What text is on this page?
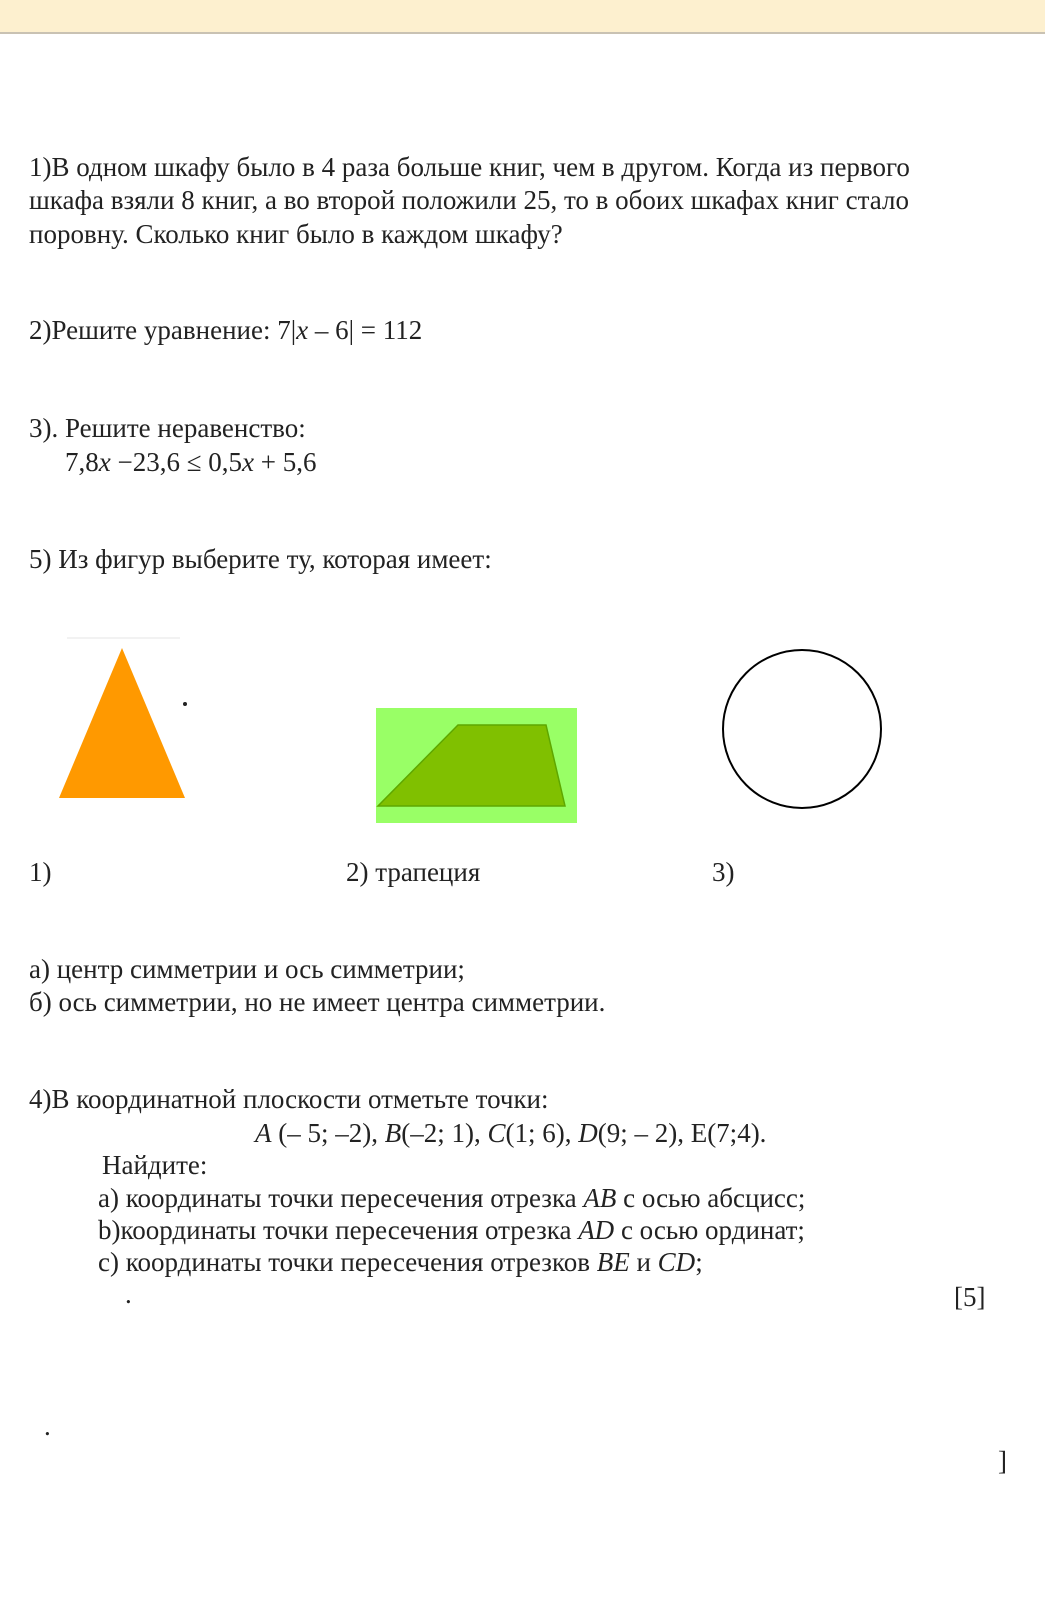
1)В одном шкафу было в 4 раза больше книг, чем в другом. Когда из первого
шкафа взяли 8 книг, а во второй положили 25, то в обоих шкафах книг стало
поровну. Сколько книг было в каждом шкафу?
2)Решите уравнение: 7|x – 6| = 112
3). Решите неравенство:
7,8x −23,6 ≤ 0,5x + 5,6
5) Из фигур выберите ту, которая имеет:
1)	2) трапеция	3)
а) центр симметрии и ось симметрии;
б) ось симметрии, но не имеет центра симметрии.
4)В координатной плоскости отметьте точки:
A (– 5; –2), B(–2; 1), C(1; 6), D(9; – 2), E(7;4).
Найдите:
а) координаты точки пересечения отрезка AB с осью абсцисс;
b)координаты точки пересечения отрезка AD с осью ординат;
с) координаты точки пересечения отрезков BE и CD;
.	[5]
.
]
